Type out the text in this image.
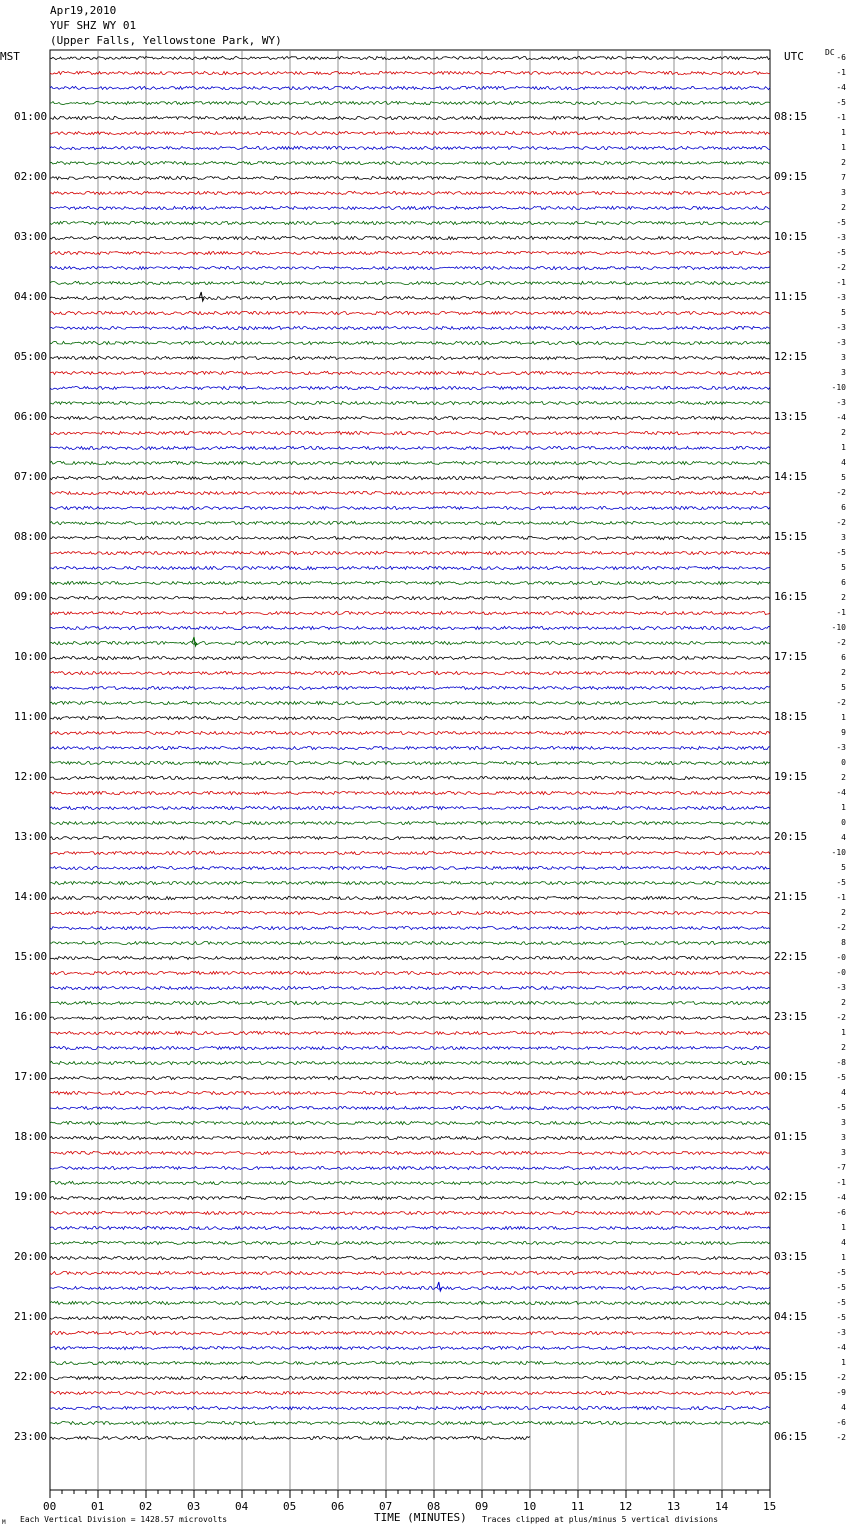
Apr19,2010
YUF SHZ WY 01
(Upper Falls, Yellowstone Park, WY)
MST	UTC	DC
00	01	02	03	04	05	06	07	08	09	10	11	12	13	14	15
01:00
02:00
03:00
04:00
05:00
06:00
07:00
08:00
09:00
10:00
11:00
12:00
13:00
14:00
15:00
16:00
17:00
18:00
19:00
20:00
21:00
22:00
23:00
08:15
09:15
10:15
11:15
12:15
13:15
14:15
15:15
16:15
17:15
18:15
19:15
20:15
21:15
22:15
23:15
00:15
01:15
02:15
03:15
04:15
05:15
06:15
-6
-1
-4
-5
-1
1
1
2
7
3
2
-5
-3
-5
-2
-1
-3
5
-3
-3
3
3
-10
-3
-4
2
1
4
5
-2
6
-2
3
-5
5
6
2
-1
-10
-2
6
2
5
-2
1
9
-3
0
2
-4
1
0
4
-10
5
-5
-1
2
-2
8
-0
-0
-3
2
-2
1
2
-8
-5
4
-5
3
3
3
-7
-1
-4
-6
1
4
1
-5
-5
-5
-5
-3
-4
1
-2
-9
4
-6
-2
TIME (MINUTES)
Each Vertical Division = 1428.57 microvolts	Traces clipped at plus/minus 5 vertical divisions
M
